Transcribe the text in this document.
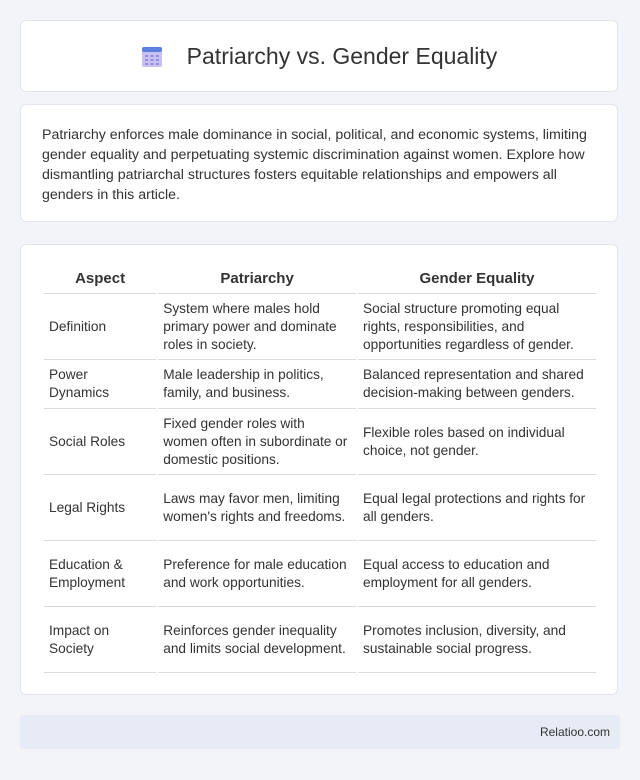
Patriarchy vs. Gender Equality

Patriarchy enforces male dominance in social, political, and economic systems, limiting gender equality and perpetuating systemic discrimination against women. Explore how dismantling patriarchal structures fosters equitable relationships and empowers all genders in this article.

Aspect	Patriarchy	Gender Equality
Definition	System where males hold primary power and dominate roles in society.	Social structure promoting equal rights, responsibilities, and opportunities regardless of gender.
Power Dynamics	Male leadership in politics, family, and business.	Balanced representation and shared decision-making between genders.
Social Roles	Fixed gender roles with women often in subordinate or domestic positions.	Flexible roles based on individual choice, not gender.
Legal Rights	Laws may favor men, limiting women's rights and freedoms.	Equal legal protections and rights for all genders.
Education & Employment	Preference for male education and work opportunities.	Equal access to education and employment for all genders.
Impact on Society	Reinforces gender inequality and limits social development.	Promotes inclusion, diversity, and sustainable social progress.
Relatioo.com
